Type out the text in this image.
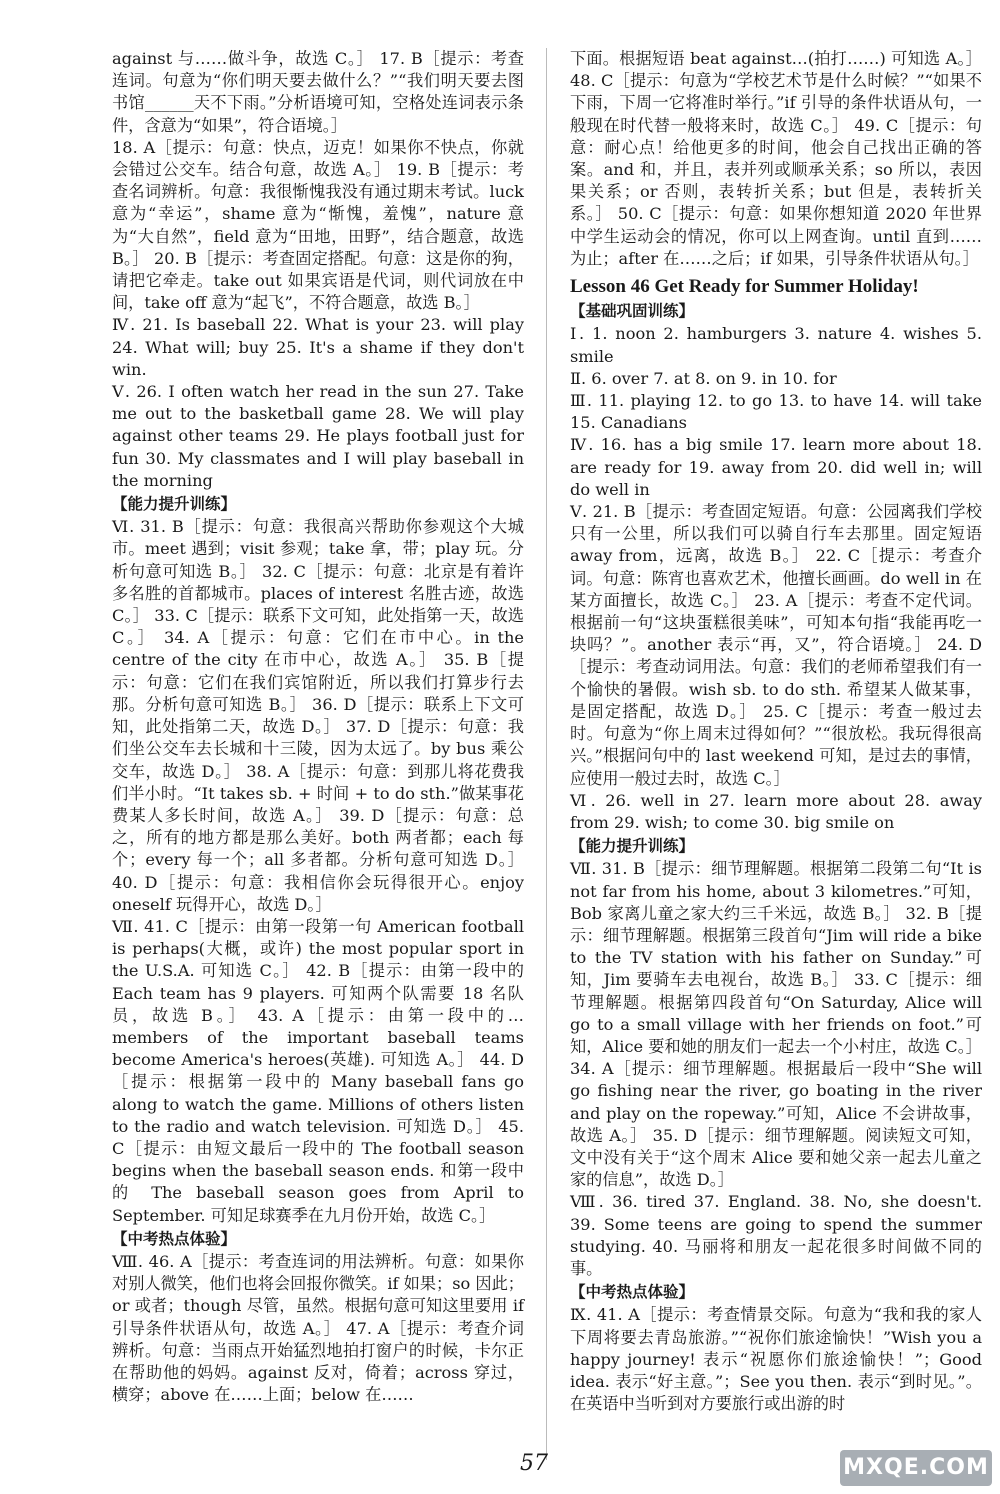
against 与……做斗争，故选 C。］ 17. B［提示：考查连词。句意为“你们明天要去做什么？”“我们明天要去图书馆______天不下雨。”分析语境可知，空格处连词表示条件，含意为“如果”，符合语境。］

18. A［提示：句意：快点，迈克！如果你不快点，你就会错过公交车。结合句意，故选 A。］ 19. B［提示：考查名词辨析。句意：我很惭愧我没有通过期末考试。luck 意为“幸运”，shame 意为“惭愧，羞愧”，nature 意为“大自然”，field 意为“田地，田野”，结合题意，故选 B。］ 20. B［提示：考查固定搭配。句意：这是你的狗，请把它牵走。take out 如果宾语是代词，则代词放在中间，take off 意为“起飞”，不符合题意，故选 B。］

Ⅳ. 21. Is baseball 22. What is your 23. will play 24. What will; buy 25. It's a shame if they don't win.

Ⅴ. 26. I often watch her read in the sun 27. Take me out to the basketball game 28. We will play against other teams 29. He plays football just for fun 30. My classmates and I will play baseball in the morning

【能力提升训练】

Ⅵ. 31. B［提示：句意：我很高兴帮助你参观这个大城市。meet 遇到；visit 参观；take 拿，带；play 玩。分析句意可知选 B。］ 32. C［提示：句意：北京是有着许多名胜的首都城市。places of interest 名胜古迹，故选 C。］ 33. C［提示：联系下文可知，此处指第一天，故选 C。］ 34. A［提示：句意：它们在市中心。in the centre of the city 在市中心，故选 A。］ 35. B［提示：句意：它们在我们宾馆附近，所以我们打算步行去那。分析句意可知选 B。］ 36. D［提示：联系上下文可知，此处指第二天，故选 D。］ 37. D［提示：句意：我们坐公交车去长城和十三陵，因为太远了。by bus 乘公交车，故选 D。］ 38. A［提示：句意：到那儿将花费我们半小时。“It takes sb. + 时间 + to do sth.”做某事花费某人多长时间，故选 A。］ 39. D［提示：句意：总之，所有的地方都是那么美好。both 两者都；each 每个；every 每一个；all 多者都。分析句意可知选 D。］ 40. D［提示：句意：我相信你会玩得很开心。enjoy oneself 玩得开心，故选 D。］

Ⅶ. 41. C［提示：由第一段第一句 American football is perhaps(大概，或许) the most popular sport in the U.S.A. 可知选 C。］ 42. B［提示：由第一段中的 Each team has 9 players. 可知两个队需要 18 名队员，故选 B。］ 43. A［提示：由第一段中的… members of the important baseball teams become America's heroes(英雄). 可知选 A。］ 44. D［提示：根据第一段中的 Many baseball fans go along to watch the game. Millions of others listen to the radio and watch television. 可知选 D。］ 45. C［提示：由短文最后一段中的 The football season begins when the baseball season ends. 和第一段中的 The baseball season goes from April to September. 可知足球赛季在九月份开始，故选 C。］

【中考热点体验】

Ⅷ. 46. A［提示：考查连词的用法辨析。句意：如果你对别人微笑，他们也将会回报你微笑。if 如果；so 因此；or 或者；though 尽管，虽然。根据句意可知这里要用 if 引导条件状语从句，故选 A。］ 47. A［提示：考查介词辨析。句意：当雨点开始猛烈地拍打窗户的时候，卡尔正在帮助他的妈妈。against 反对，倚着；across 穿过，横穿；above 在……上面；below 在……

下面。根据短语 beat against…(拍打……) 可知选 A。］ 48. C［提示：句意为“学校艺术节是什么时候？”“如果不下雨，下周一它将准时举行。”if 引导的条件状语从句，一般现在时代替一般将来时，故选 C。］ 49. C［提示：句意：耐心点！给他更多的时间，他会自己找出正确的答案。and 和，并且，表并列或顺承关系；so 所以，表因果关系；or 否则，表转折关系；but 但是，表转折关系。］ 50. C［提示：句意：如果你想知道 2020 年世界中学生运动会的情况，你可以上网查询。until 直到……为止；after 在……之后；if 如果，引导条件状语从句。］

Lesson 46 Get Ready for Summer Holiday!

【基础巩固训练】

Ⅰ. 1. noon 2. hamburgers 3. nature 4. wishes 5. smile

Ⅱ. 6. over 7. at 8. on 9. in 10. for

Ⅲ. 11. playing 12. to go 13. to have 14. will take 15. Canadians

Ⅳ. 16. has a big smile 17. learn more about 18. are ready for 19. away from 20. did well in; will do well in

Ⅴ. 21. B［提示：考查固定短语。句意：公园离我们学校只有一公里，所以我们可以骑自行车去那里。固定短语 away from，远离，故选 B。］ 22. C［提示：考查介词。句意：陈宵也喜欢艺术，他擅长画画。do well in 在某方面擅长，故选 C。］ 23. A［提示：考查不定代词。根据前一句“这块蛋糕很美味”，可知本句指“我能再吃一块吗？”。another 表示“再，又”，符合语境。］ 24. D［提示：考查动词用法。句意：我们的老师希望我们有一个愉快的暑假。wish sb. to do sth. 希望某人做某事，是固定搭配，故选 D。］ 25. C［提示：考查一般过去时。句意为“你上周末过得如何？”“很放松。我玩得很高兴。”根据问句中的 last weekend 可知，是过去的事情，应使用一般过去时，故选 C。］

Ⅵ. 26. well in 27. learn more about 28. away from 29. wish; to come 30. big smile on

【能力提升训练】

Ⅶ. 31. B［提示：细节理解题。根据第二段第二句“It is not far from his home, about 3 kilometres.”可知，Bob 家离儿童之家大约三千米远，故选 B。］ 32. B［提示：细节理解题。根据第三段首句“Jim will ride a bike to the TV station with his father on Sunday.”可知，Jim 要骑车去电视台，故选 B。］ 33. C［提示：细节理解题。根据第四段首句“On Saturday, Alice will go to a small village with her friends on foot.”可知，Alice 要和她的朋友们一起去一个小村庄，故选 C。］ 34. A［提示：细节理解题。根据最后一段中“She will go fishing near the river, go boating in the river and play on the ropeway.”可知，Alice 不会讲故事，故选 A。］ 35. D［提示：细节理解题。阅读短文可知，文中没有关于“这个周末 Alice 要和她父亲一起去儿童之家的信息”，故选 D。］

Ⅷ. 36. tired 37. England. 38. No, she doesn't. 39. Some teens are going to spend the summer studying. 40. 马丽将和朋友一起花很多时间做不同的事。

【中考热点体验】

Ⅸ. 41. A［提示：考查情景交际。句意为“我和我的家人下周将要去青岛旅游。”“祝你们旅途愉快！”Wish you a happy journey! 表示“祝愿你们旅途愉快！”；Good idea. 表示“好主意。”；See you then. 表示“到时见。”。在英语中当听到对方要旅行或出游的时

57	MXQE.COM
